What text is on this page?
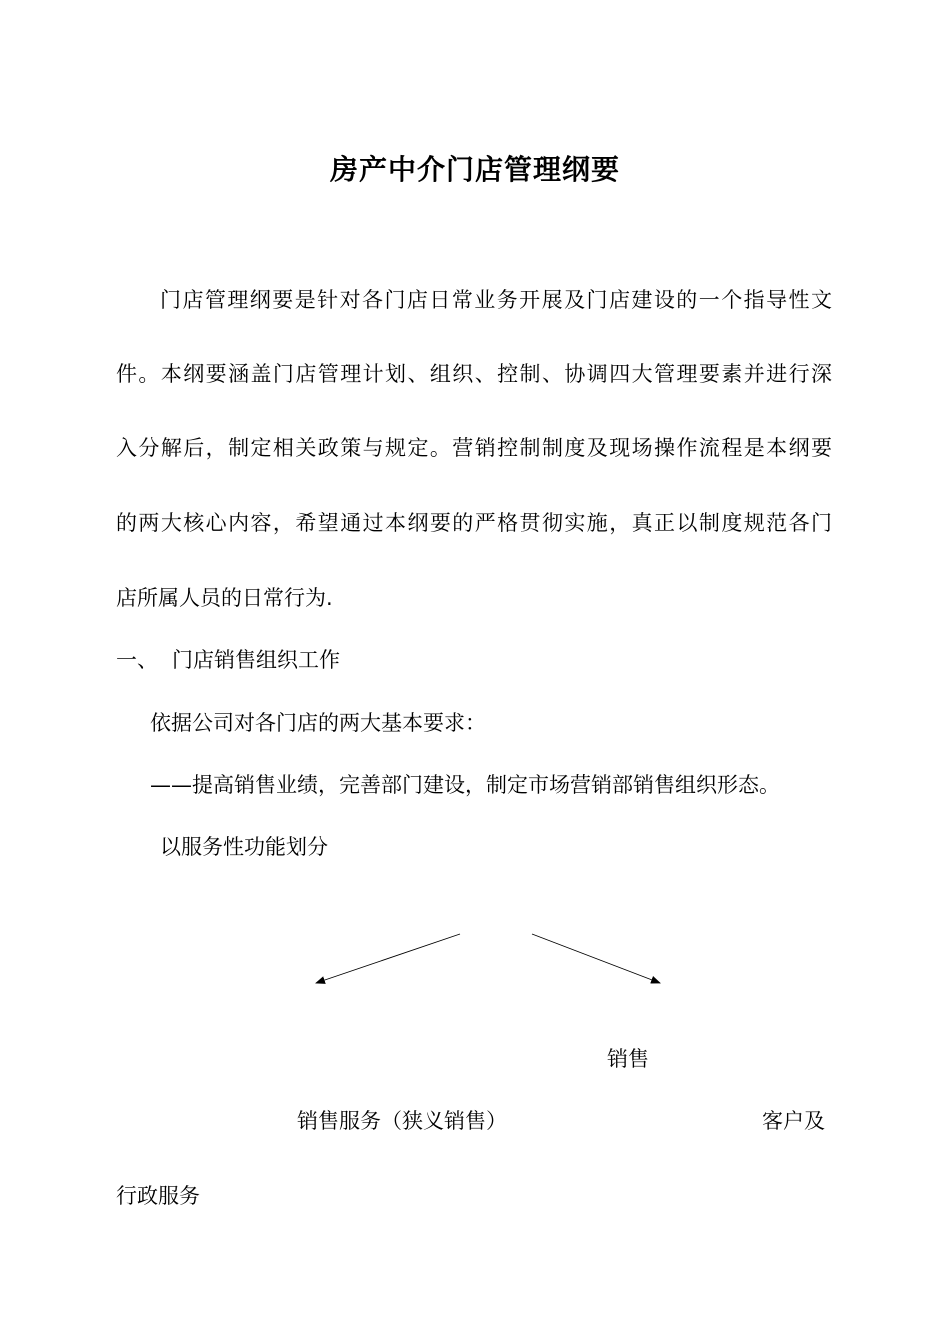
房产中介门店管理纲要
门店管理纲要是针对各门店日常业务开展及门店建设的一个指导性文
件。本纲要涵盖门店管理计划、组织、控制、协调四大管理要素并进行深
入分解后，制定相关政策与规定。营销控制制度及现场操作流程是本纲要
的两大核心内容，希望通过本纲要的严格贯彻实施，真正以制度规范各门
店所属人员的日常行为.
一、 门店销售组织工作
依据公司对各门店的两大基本要求：
——提高销售业绩，完善部门建设，制定市场营销部销售组织形态。
以服务性功能划分
销售
销售服务（狭义销售）	客户及
行政服务
